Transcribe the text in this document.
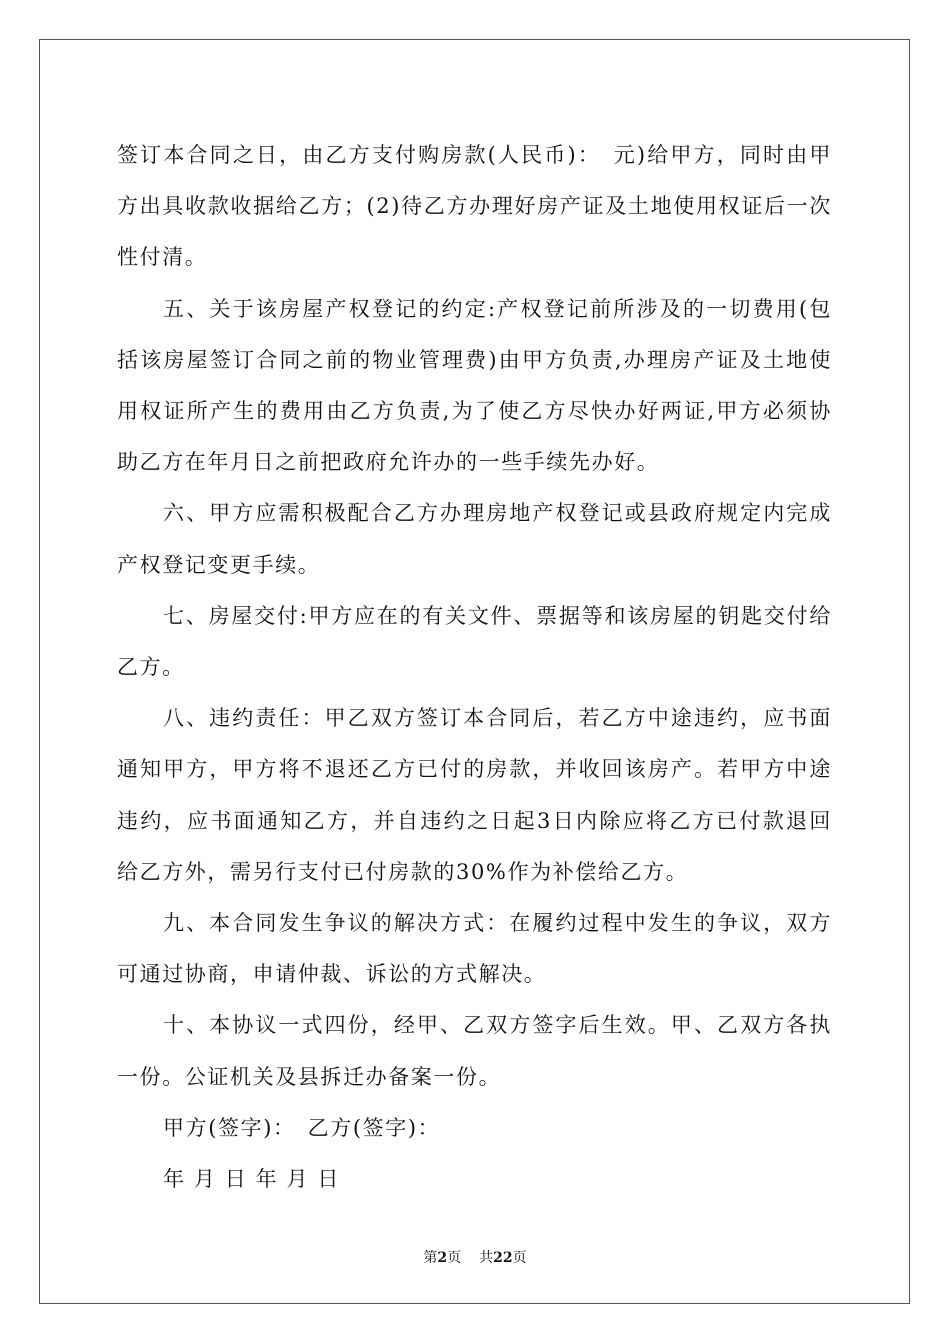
签订本合同之日，由乙方支付购房款(人民币)：　元)给甲方，同时由甲方出具收款收据给乙方；(2)待乙方办理好房产证及土地使用权证后一次性付清。

五、关于该房屋产权登记的约定:产权登记前所涉及的一切费用(包括该房屋签订合同之前的物业管理费)由甲方负责,办理房产证及土地使用权证所产生的费用由乙方负责,为了使乙方尽快办好两证,甲方必须协助乙方在年月日之前把政府允许办的一些手续先办好。

六、甲方应需积极配合乙方办理房地产权登记或县政府规定内完成产权登记变更手续。

七、房屋交付:甲方应在的有关文件、票据等和该房屋的钥匙交付给乙方。

八、违约责任：甲乙双方签订本合同后，若乙方中途违约，应书面通知甲方，甲方将不退还乙方已付的房款，并收回该房产。若甲方中途违约，应书面通知乙方，并自违约之日起3日内除应将乙方已付款退回给乙方外，需另行支付已付房款的30%作为补偿给乙方。

九、本合同发生争议的解决方式：在履约过程中发生的争议，双方可通过协商，申请仲裁、诉讼的方式解决。

十、本协议一式四份，经甲、乙双方签字后生效。甲、乙双方各执一份。公证机关及县拆迁办备案一份。

甲方(签字)：　乙方(签字)：

年 月 日 年 月 日

第2页 共22页
